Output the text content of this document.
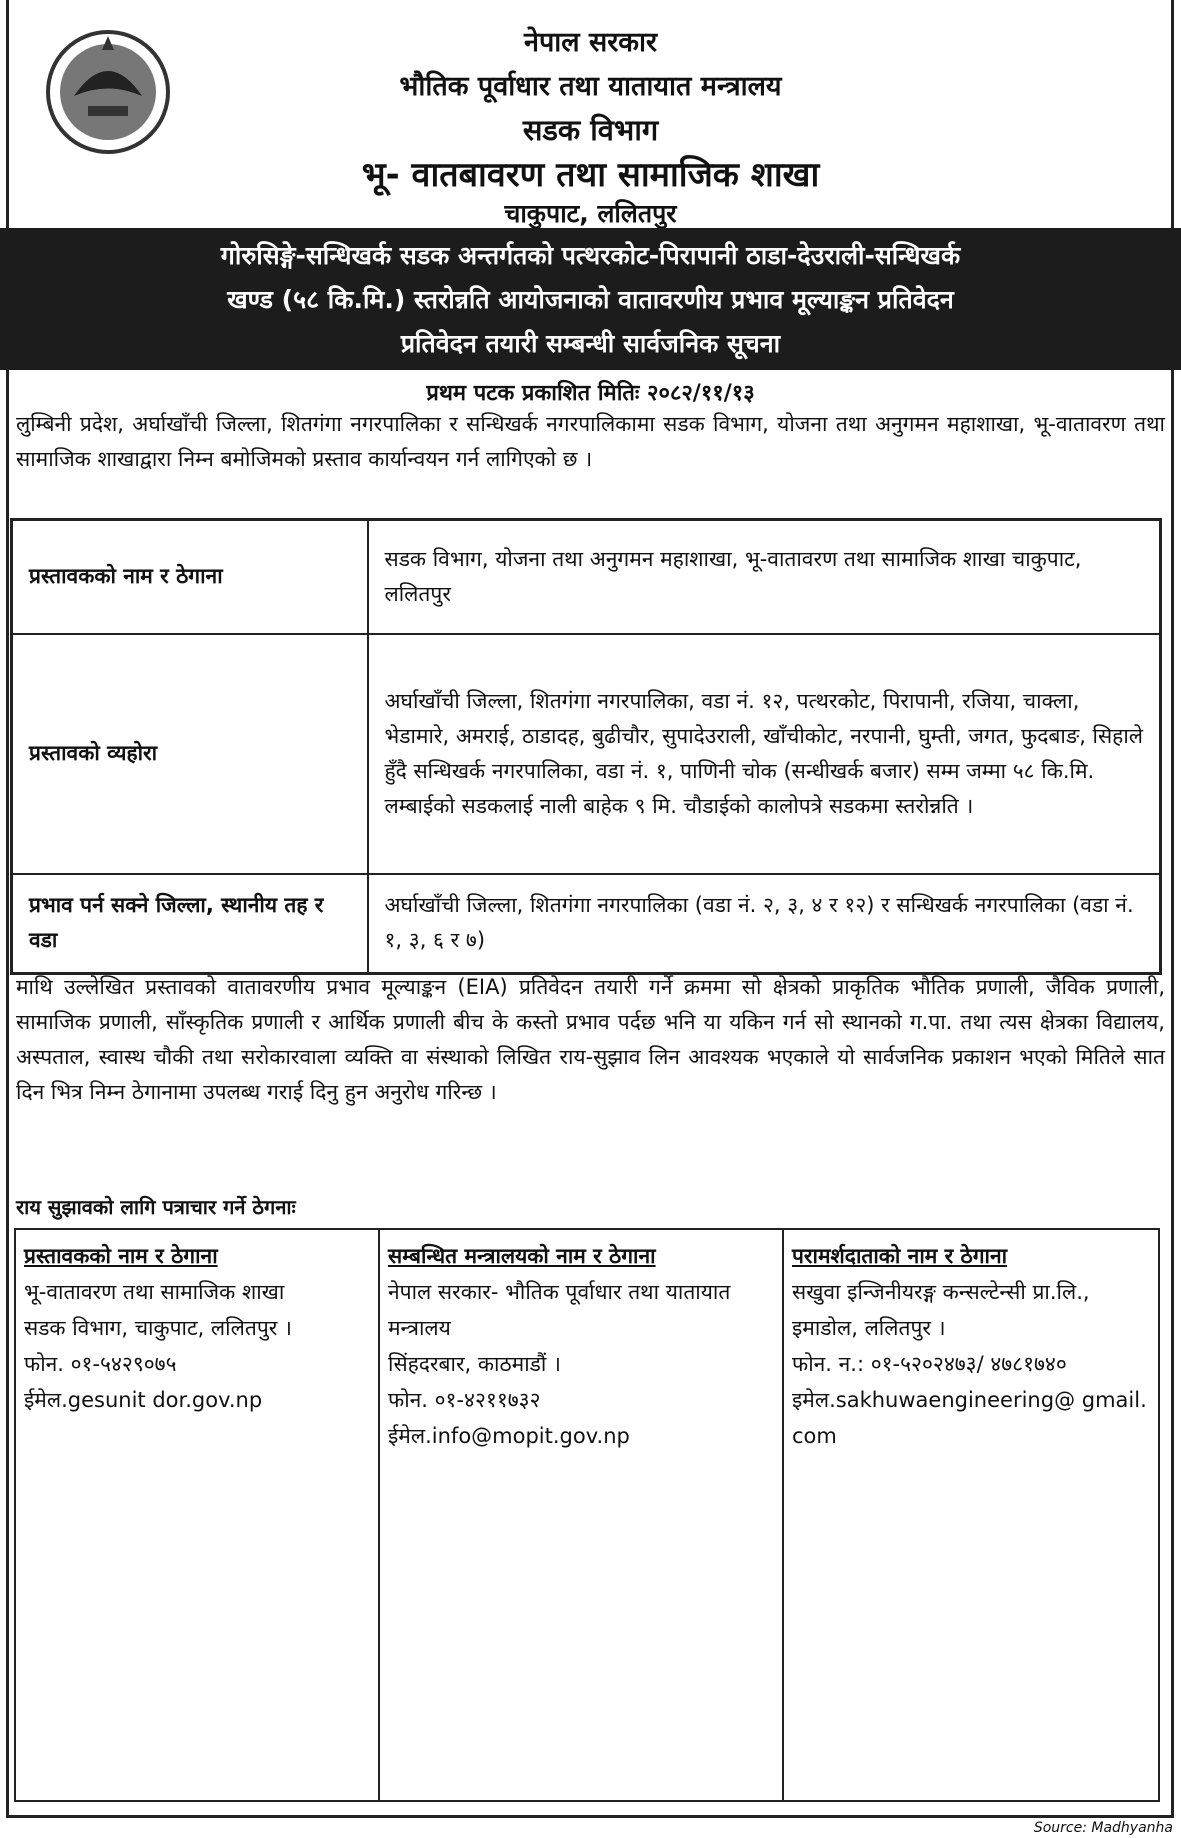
नेपाल सरकार
भौतिक पूर्वाधार तथा यातायात मन्त्रालय
सडक विभाग
भू- वातबावरण तथा सामाजिक शाखा
चाकुपाट, ललितपुर
गोरुसिङ्गे-सन्धिखर्क सडक अन्तर्गतको पत्थरकोट-पिरापानी ठाडा-देउराली-सन्धिखर्क
खण्ड (५८ कि.मि.) स्तरोन्नति आयोजनाको वातावरणीय प्रभाव मूल्याङ्कन प्रतिवेदन
प्रतिवेदन तयारी सम्बन्धी सार्वजनिक सूचना
प्रथम पटक प्रकाशित मितिः २०८२/११/१३
लुम्बिनी प्रदेश, अर्घाखाँची जिल्ला, शितगंगा नगरपालिका र सन्धिखर्क नगरपालिकामा सडक विभाग, योजना तथा अनुगमन महाशाखा, भू-वातावरण तथा सामाजिक शाखाद्वारा निम्न बमोजिमको प्रस्ताव कार्यान्वयन गर्न लागिएको छ ।
प्रस्तावकको नाम र ठेगाना	सडक विभाग, योजना तथा अनुगमन महाशाखा, भू-वातावरण तथा सामाजिक शाखा चाकुपाट, ललितपुर
प्रस्तावको व्यहोरा	अर्घाखाँची जिल्ला, शितगंगा नगरपालिका, वडा नं. १२, पत्थरकोट, पिरापानी, रजिया, चाक्ला, भेडामारे, अमराई, ठाडादह, बुढीचौर, सुपादेउराली, खाँचीकोट, नरपानी, घुम्ती, जगत, फुदबाङ, सिहाले हुँदै सन्धिखर्क नगरपालिका, वडा नं. १, पाणिनी चोक (सन्धीखर्क बजार) सम्म जम्मा ५८ कि.मि. लम्बाईको सडकलाई नाली बाहेक ९ मि. चौडाईको कालोपत्रे सडकमा स्तरोन्नति ।
प्रभाव पर्न सक्ने जिल्ला, स्थानीय तह र वडा	अर्घाखाँची जिल्ला, शितगंगा नगरपालिका (वडा नं. २, ३, ४ र १२) र सन्धिखर्क नगरपालिका (वडा नं. १, ३, ६ र ७)
माथि उल्लेखित प्रस्तावको वातावरणीय प्रभाव मूल्याङ्कन (EIA) प्रतिवेदन तयारी गर्ने क्रममा सो क्षेत्रको प्राकृतिक भौतिक प्रणाली, जैविक प्रणाली, सामाजिक प्रणाली, साँस्कृतिक प्रणाली र आर्थिक प्रणाली बीच के कस्तो प्रभाव पर्दछ भनि या यकिन गर्न सो स्थानको ग.पा. तथा त्यस क्षेत्रका विद्यालय, अस्पताल, स्वास्थ चौकी तथा सरोकारवाला व्यक्ति वा संस्थाको लिखित राय-सुझाव लिन आवश्यक भएकाले यो सार्वजनिक प्रकाशन भएको मितिले सात दिन भित्र निम्न ठेगानामा उपलब्ध गराई दिनु हुन अनुरोध गरिन्छ ।
राय सुझावको लागि पत्राचार गर्ने ठेगनाः
प्रस्तावकको नाम र ठेगाना
भू-वातावरण तथा सामाजिक शाखा
सडक विभाग, चाकुपाट, ललितपुर ।
फोन. ०१-५४२९०७५
ईमेल.gesunit dor.gov.np

सम्बन्धित मन्त्रालयको नाम र ठेगाना
नेपाल सरकार- भौतिक पूर्वाधार तथा यातायात मन्त्रालय
सिंहदरबार, काठमाडौं ।
फोन. ०१-४२११७३२
ईमेल.info@mopit.gov.np

परामर्शदाताको नाम र ठेगाना
सखुवा इन्जिनीयरङ्ग कन्सल्टेन्सी प्रा.लि., इमाडोल, ललितपुर ।
फोन. न.: ०१-५२०२४७३/ ४७८१७४०
इमेल.sakhuwaengineering@ gmail.com
Source: Madhyanha
